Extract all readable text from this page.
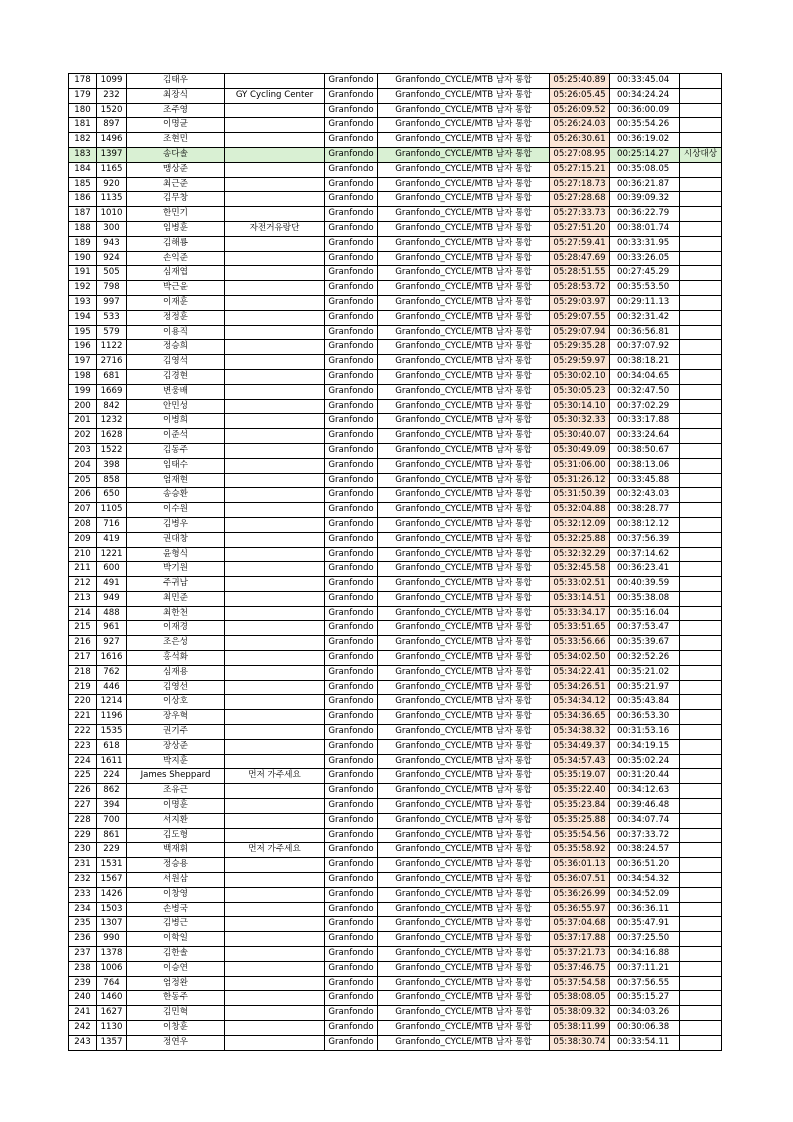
178	1099	김태우		Granfondo	Granfondo_CYCLE/MTB 남자 통합	05:25:40.89	00:33:45.04	
179	232	최장식	GY Cycling Center	Granfondo	Granfondo_CYCLE/MTB 남자 통합	05:26:05.45	00:34:24.24	
180	1520	조주영		Granfondo	Granfondo_CYCLE/MTB 남자 통합	05:26:09.52	00:36:00.09	
181	897	이명균		Granfondo	Granfondo_CYCLE/MTB 남자 통합	05:26:24.03	00:35:54.26	
182	1496	조현민		Granfondo	Granfondo_CYCLE/MTB 남자 통합	05:26:30.61	00:36:19.02	
183	1397	송다솔		Granfondo	Granfondo_CYCLE/MTB 남자 통합	05:27:08.95	00:25:14.27	시상대상
184	1165	맹상준		Granfondo	Granfondo_CYCLE/MTB 남자 통합	05:27:15.21	00:35:08.05	
185	920	최근준		Granfondo	Granfondo_CYCLE/MTB 남자 통합	05:27:18.73	00:36:21.87	
186	1135	김무창		Granfondo	Granfondo_CYCLE/MTB 남자 통합	05:27:28.68	00:39:09.32	
187	1010	한민기		Granfondo	Granfondo_CYCLE/MTB 남자 통합	05:27:33.73	00:36:22.79	
188	300	임병훈	자전거유랑단	Granfondo	Granfondo_CYCLE/MTB 남자 통합	05:27:51.20	00:38:01.74	
189	943	김해룡		Granfondo	Granfondo_CYCLE/MTB 남자 통합	05:27:59.41	00:33:31.95	
190	924	손익준		Granfondo	Granfondo_CYCLE/MTB 남자 통합	05:28:47.69	00:33:26.05	
191	505	심재엽		Granfondo	Granfondo_CYCLE/MTB 남자 통합	05:28:51.55	00:27:45.29	
192	798	박근윤		Granfondo	Granfondo_CYCLE/MTB 남자 통합	05:28:53.72	00:35:53.50	
193	997	이재훈		Granfondo	Granfondo_CYCLE/MTB 남자 통합	05:29:03.97	00:29:11.13	
194	533	정정훈		Granfondo	Granfondo_CYCLE/MTB 남자 통합	05:29:07.55	00:32:31.42	
195	579	이용직		Granfondo	Granfondo_CYCLE/MTB 남자 통합	05:29:07.94	00:36:56.81	
196	1122	정승희		Granfondo	Granfondo_CYCLE/MTB 남자 통합	05:29:35.28	00:37:07.92	
197	2716	김영석		Granfondo	Granfondo_CYCLE/MTB 남자 통합	05:29:59.97	00:38:18.21	
198	681	김경현		Granfondo	Granfondo_CYCLE/MTB 남자 통합	05:30:02.10	00:34:04.65	
199	1669	변웅배		Granfondo	Granfondo_CYCLE/MTB 남자 통합	05:30:05.23	00:32:47.50	
200	842	안민성		Granfondo	Granfondo_CYCLE/MTB 남자 통합	05:30:14.10	00:37:02.29	
201	1232	이병희		Granfondo	Granfondo_CYCLE/MTB 남자 통합	05:30:32.33	00:33:17.88	
202	1628	이준석		Granfondo	Granfondo_CYCLE/MTB 남자 통합	05:30:40.07	00:33:24.64	
203	1522	김동주		Granfondo	Granfondo_CYCLE/MTB 남자 통합	05:30:49.09	00:38:50.67	
204	398	임태수		Granfondo	Granfondo_CYCLE/MTB 남자 통합	05:31:06.00	00:38:13.06	
205	858	엄재현		Granfondo	Granfondo_CYCLE/MTB 남자 통합	05:31:26.12	00:33:45.88	
206	650	송승환		Granfondo	Granfondo_CYCLE/MTB 남자 통합	05:31:50.39	00:32:43.03	
207	1105	이수원		Granfondo	Granfondo_CYCLE/MTB 남자 통합	05:32:04.88	00:38:28.77	
208	716	김병우		Granfondo	Granfondo_CYCLE/MTB 남자 통합	05:32:12.09	00:38:12.12	
209	419	권대창		Granfondo	Granfondo_CYCLE/MTB 남자 통합	05:32:25.88	00:37:56.39	
210	1221	윤형식		Granfondo	Granfondo_CYCLE/MTB 남자 통합	05:32:32.29	00:37:14.62	
211	600	박기원		Granfondo	Granfondo_CYCLE/MTB 남자 통합	05:32:45.58	00:36:23.41	
212	491	주귀남		Granfondo	Granfondo_CYCLE/MTB 남자 통합	05:33:02.51	00:40:39.59	
213	949	최민준		Granfondo	Granfondo_CYCLE/MTB 남자 통합	05:33:14.51	00:35:38.08	
214	488	최한천		Granfondo	Granfondo_CYCLE/MTB 남자 통합	05:33:34.17	00:35:16.04	
215	961	이재경		Granfondo	Granfondo_CYCLE/MTB 남자 통합	05:33:51.65	00:37:53.47	
216	927	조은성		Granfondo	Granfondo_CYCLE/MTB 남자 통합	05:33:56.66	00:35:39.67	
217	1616	홍석화		Granfondo	Granfondo_CYCLE/MTB 남자 통합	05:34:02.50	00:32:52.26	
218	762	심재용		Granfondo	Granfondo_CYCLE/MTB 남자 통합	05:34:22.41	00:35:21.02	
219	446	김영선		Granfondo	Granfondo_CYCLE/MTB 남자 통합	05:34:26.51	00:35:21.97	
220	1214	이상호		Granfondo	Granfondo_CYCLE/MTB 남자 통합	05:34:34.12	00:35:43.84	
221	1196	장우혁		Granfondo	Granfondo_CYCLE/MTB 남자 통합	05:34:36.65	00:36:53.30	
222	1535	권기주		Granfondo	Granfondo_CYCLE/MTB 남자 통합	05:34:38.32	00:31:53.16	
223	618	장상준		Granfondo	Granfondo_CYCLE/MTB 남자 통합	05:34:49.37	00:34:19.15	
224	1611	박지훈		Granfondo	Granfondo_CYCLE/MTB 남자 통합	05:34:57.43	00:35:02.24	
225	224	James Sheppard	먼저 가주세요	Granfondo	Granfondo_CYCLE/MTB 남자 통합	05:35:19.07	00:31:20.44	
226	862	조유근		Granfondo	Granfondo_CYCLE/MTB 남자 통합	05:35:22.40	00:34:12.63	
227	394	이명훈		Granfondo	Granfondo_CYCLE/MTB 남자 통합	05:35:23.84	00:39:46.48	
228	700	서지환		Granfondo	Granfondo_CYCLE/MTB 남자 통합	05:35:25.88	00:34:07.74	
229	861	김도형		Granfondo	Granfondo_CYCLE/MTB 남자 통합	05:35:54.56	00:37:33.72	
230	229	백재휘	먼저 가주세요	Granfondo	Granfondo_CYCLE/MTB 남자 통합	05:35:58.92	00:38:24.57	
231	1531	정승용		Granfondo	Granfondo_CYCLE/MTB 남자 통합	05:36:01.13	00:36:51.20	
232	1567	서원삼		Granfondo	Granfondo_CYCLE/MTB 남자 통합	05:36:07.51	00:34:54.32	
233	1426	이창영		Granfondo	Granfondo_CYCLE/MTB 남자 통합	05:36:26.99	00:34:52.09	
234	1503	손병국		Granfondo	Granfondo_CYCLE/MTB 남자 통합	05:36:55.97	00:36:36.11	
235	1307	김병근		Granfondo	Granfondo_CYCLE/MTB 남자 통합	05:37:04.68	00:35:47.91	
236	990	이학일		Granfondo	Granfondo_CYCLE/MTB 남자 통합	05:37:17.88	00:37:25.50	
237	1378	김한솔		Granfondo	Granfondo_CYCLE/MTB 남자 통합	05:37:21.73	00:34:16.88	
238	1006	이승연		Granfondo	Granfondo_CYCLE/MTB 남자 통합	05:37:46.75	00:37:11.21	
239	764	엄정완		Granfondo	Granfondo_CYCLE/MTB 남자 통합	05:37:54.58	00:37:56.55	
240	1460	한동주		Granfondo	Granfondo_CYCLE/MTB 남자 통합	05:38:08.05	00:35:15.27	
241	1627	김민혁		Granfondo	Granfondo_CYCLE/MTB 남자 통합	05:38:09.32	00:34:03.26	
242	1130	이창훈		Granfondo	Granfondo_CYCLE/MTB 남자 통합	05:38:11.99	00:30:06.38	
243	1357	정연우		Granfondo	Granfondo_CYCLE/MTB 남자 통합	05:38:30.74	00:33:54.11	
